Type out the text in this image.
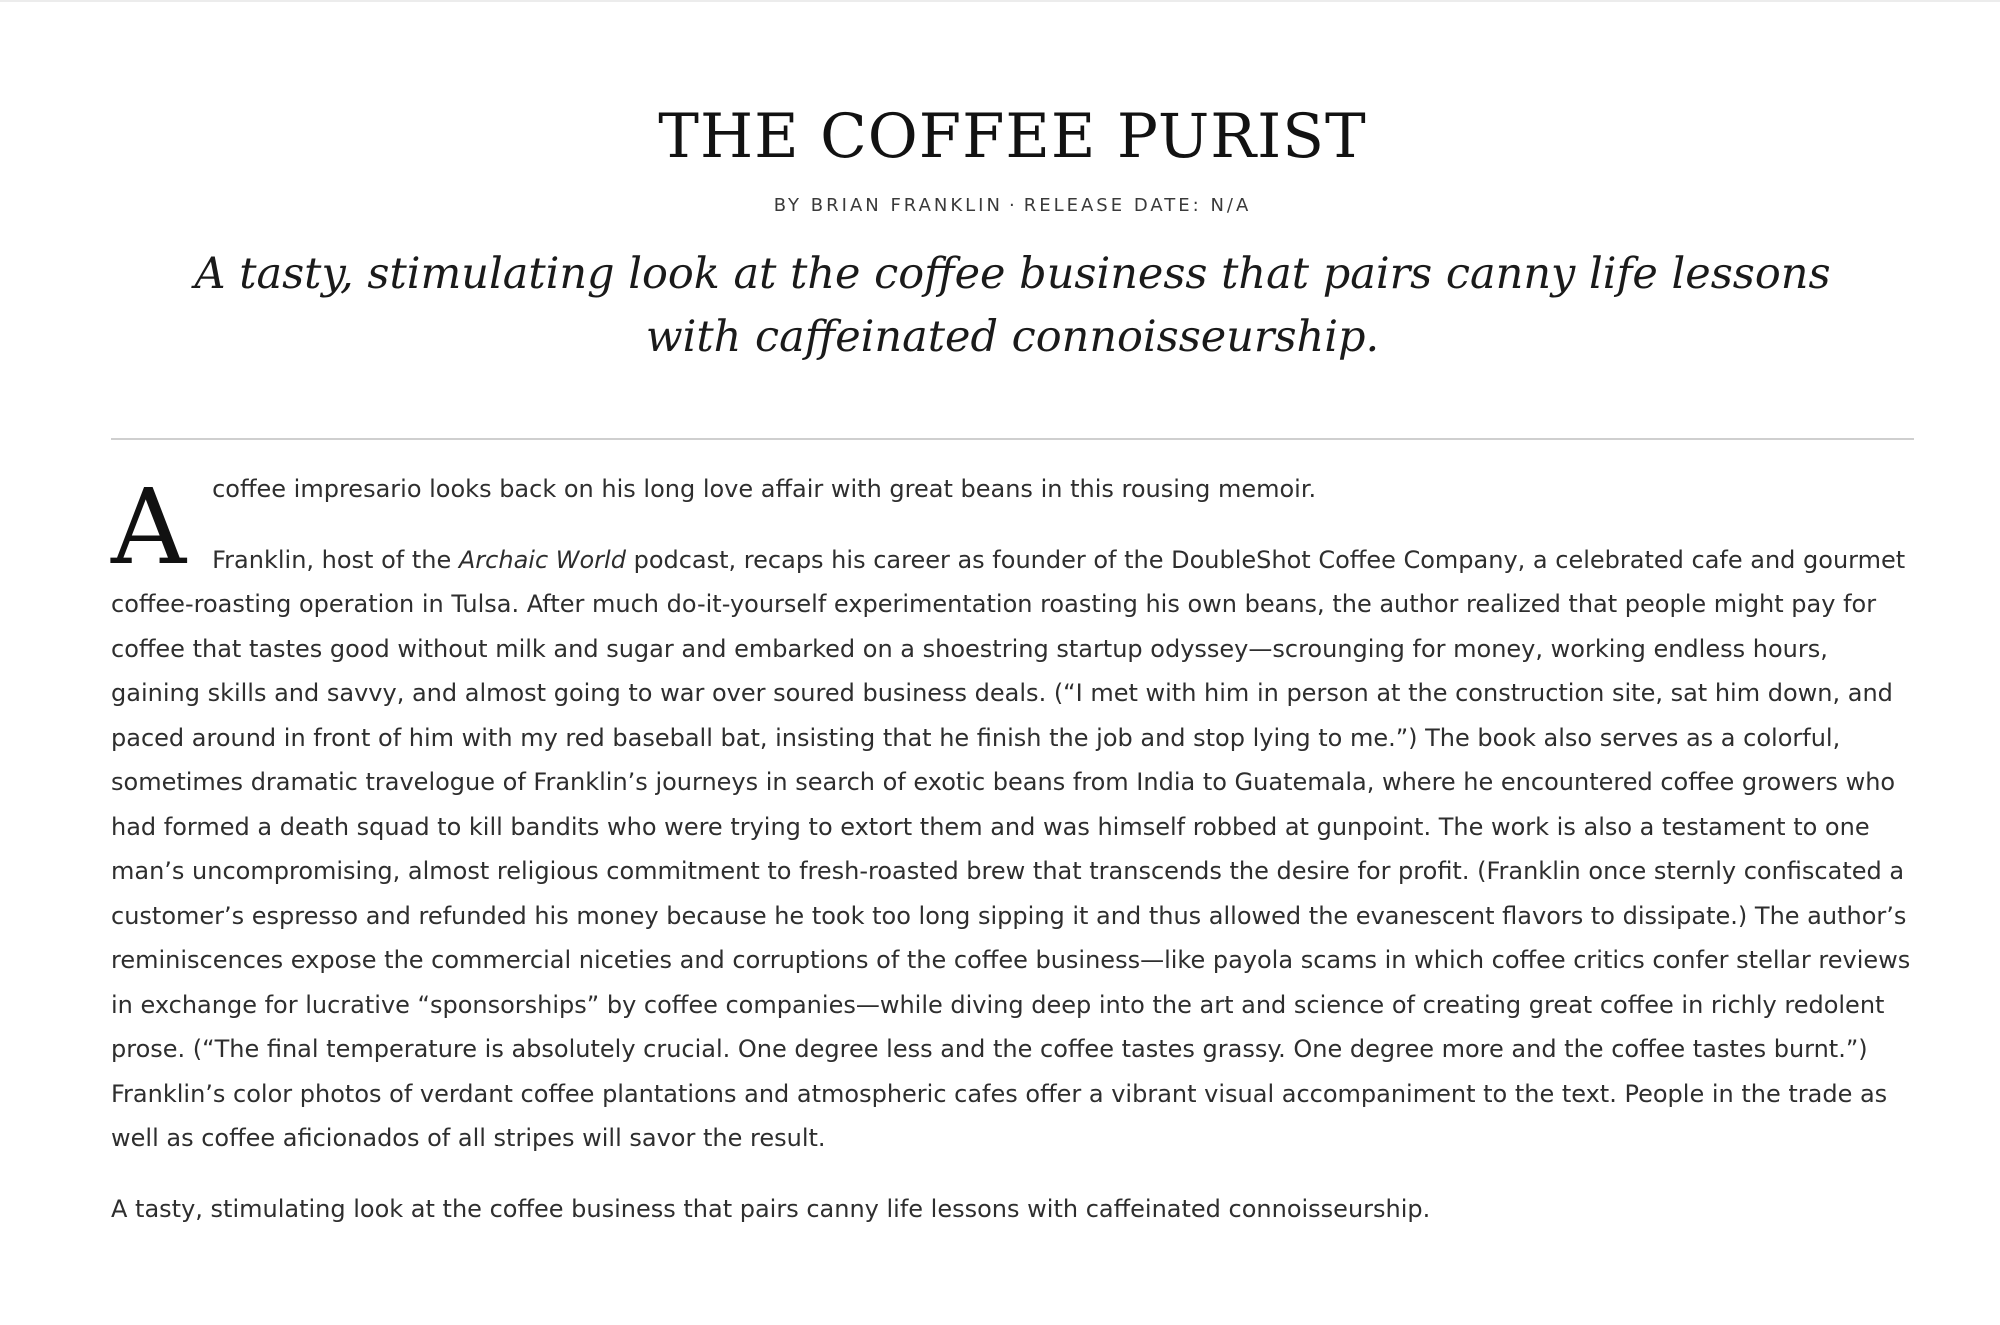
THE COFFEE PURIST
BY BRIAN FRANKLIN · RELEASE DATE: N/A

A tasty, stimulating look at the coffee business that pairs canny life lessons with caffeinated connoisseurship.

A	coffee impresario looks back on his long love affair with great beans in this rousing memoir.

Franklin, host of the Archaic World podcast, recaps his career as founder of the DoubleShot Coffee Company, a celebrated cafe and gourmet coffee-roasting operation in Tulsa. After much do-it-yourself experimentation roasting his own beans, the author realized that people might pay for coffee that tastes good without milk and sugar and embarked on a shoestring startup odyssey—scrounging for money, working endless hours, gaining skills and savvy, and almost going to war over soured business deals. (“I met with him in person at the construction site, sat him down, and paced around in front of him with my red baseball bat, insisting that he finish the job and stop lying to me.”) The book also serves as a colorful, sometimes dramatic travelogue of Franklin’s journeys in search of exotic beans from India to Guatemala, where he encountered coffee growers who had formed a death squad to kill bandits who were trying to extort them and was himself robbed at gunpoint. The work is also a testament to one man’s uncompromising, almost religious commitment to fresh-roasted brew that transcends the desire for profit. (Franklin once sternly confiscated a customer’s espresso and refunded his money because he took too long sipping it and thus allowed the evanescent flavors to dissipate.) The author’s reminiscences expose the commercial niceties and corruptions of the coffee business—like payola scams in which coffee critics confer stellar reviews in exchange for lucrative “sponsorships” by coffee companies—while diving deep into the art and science of creating great coffee in richly redolent prose. (“The final temperature is absolutely crucial. One degree less and the coffee tastes grassy. One degree more and the coffee tastes burnt.”) Franklin’s color photos of verdant coffee plantations and atmospheric cafes offer a vibrant visual accompaniment to the text. People in the trade as well as coffee aficionados of all stripes will savor the result.

A tasty, stimulating look at the coffee business that pairs canny life lessons with caffeinated connoisseurship.
